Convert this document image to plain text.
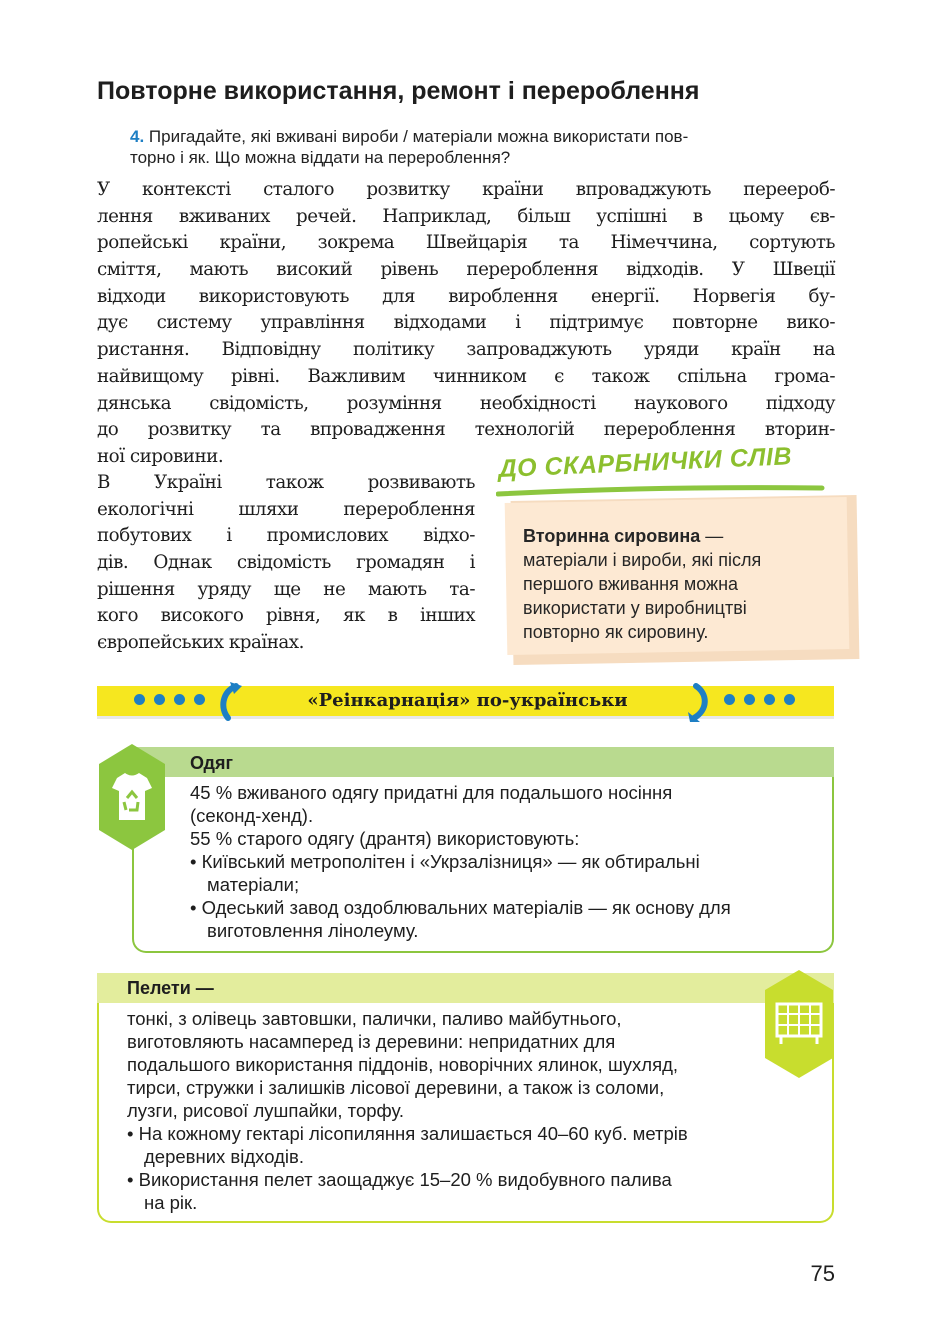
Повторне використання, ремонт і перероблення
4. Пригадайте, які вживані вироби / матеріали можна використати пов-
торно і як. Що можна віддати на перероблення?
У контексті сталого розвитку країни впроваджують переероб-
лення вживаних речей. Наприклад, більш успішні в цьому єв-
ропейські країни, зокрема Швейцарія та Німеччина, сортують
сміття, мають високий рівень перероблення відходів. У Швеції
відходи використовують для вироблення енергії. Норвегія бу-
дує систему управління відходами і підтримує повторне вико-
ристання. Відповідну політику запроваджують уряди країн на
найвищому рівні. Важливим чинником є також спільна грома-
дянська свідомість, розуміння необхідності наукового підходу
до розвитку та впровадження технологій перероблення вторин-
ної сировини.
В Україні також розвивають
екологічні шляхи перероблення
побутових і промислових відхо-
дів. Однак свідомість громадян і
рішення уряду ще не мають та-
кого високого рівня, як в інших
європейських країнах.
ДО СКАРБНИЧКИ СЛІВ
Вторинна сировина —
матеріали і вироби, які після
першого вживання можна
використати у виробництві
повторно як сировину.
«Реінкарнація» по-українськи
Одяг
45 % вживаного одягу придатні для подальшого носіння
(секонд-хенд).
55 % старого одягу (дрантя) використовують:
• Київський метрополітен і «Укрзалізниця» — як обтиральні
матеріали;
• Одеський завод оздоблювальних матеріалів — як основу для
виготовлення лінолеуму.
Пелети —
тонкі, з олівець завтовшки, палички, паливо майбутнього,
виготовляють насамперед із деревини: непридатних для
подальшого використання піддонів, новорічних ялинок, шухляд,
тирси, стружки і залишків лісової деревини, а також із соломи,
лузги, рисової лушпайки, торфу.
• На кожному гектарі лісопиляння залишається 40–60 куб. метрів
деревних відходів.
• Використання пелет заощаджує 15–20 % видобувного палива
на рік.
75
